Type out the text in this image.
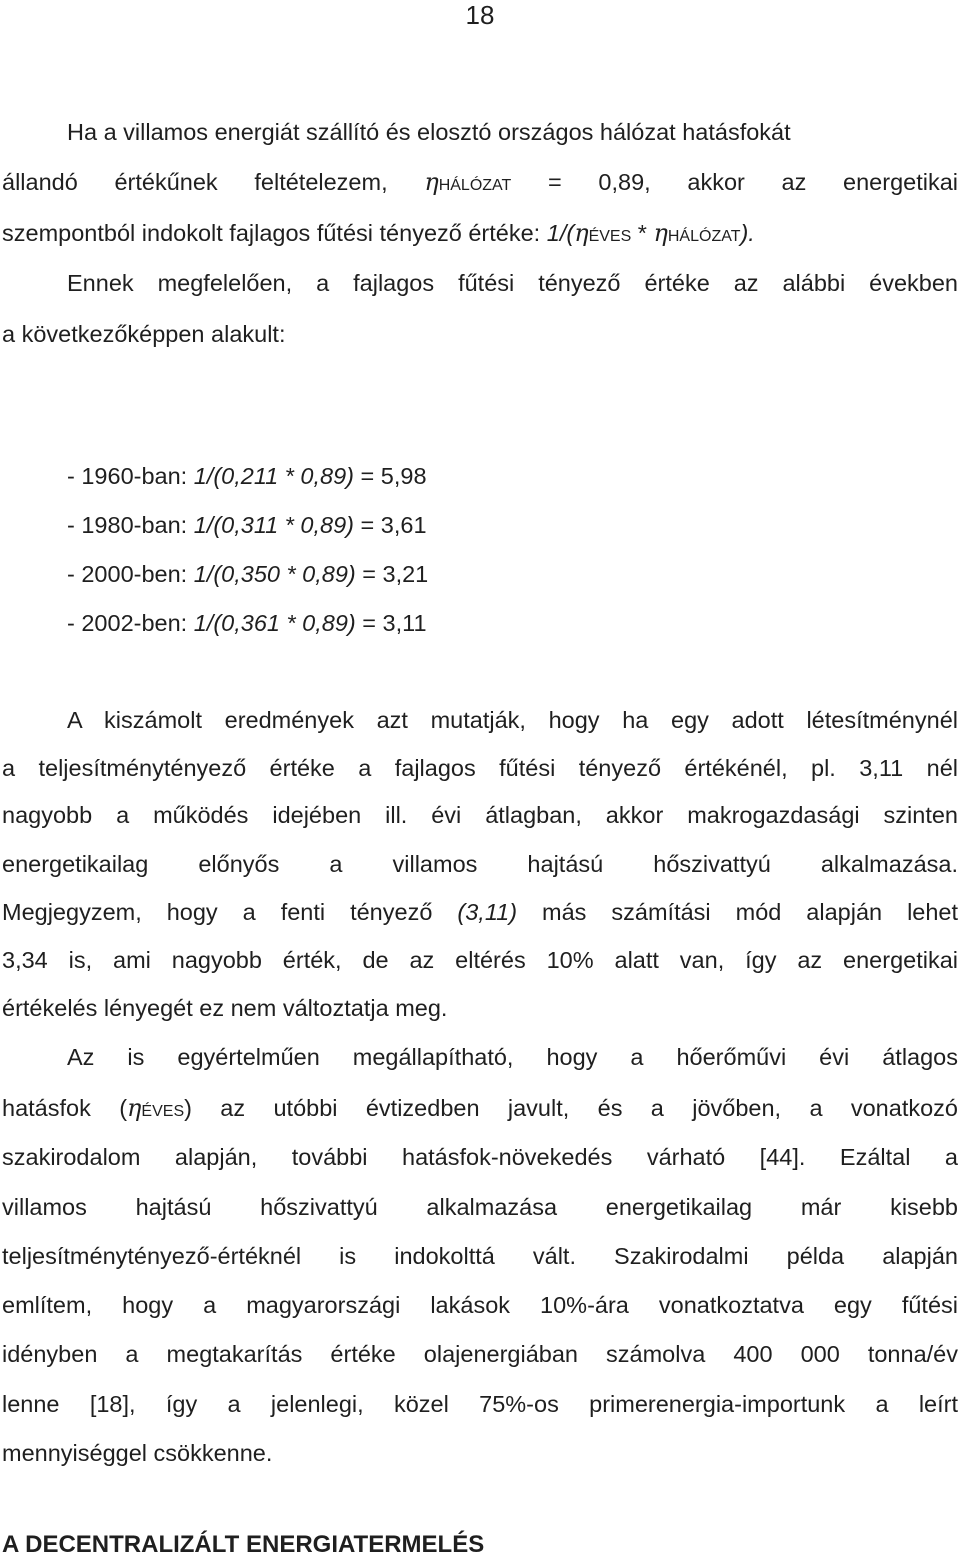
18
Ha a villamos energiát szállító és elosztó országos hálózat hatásfokát
állandó értékűnek feltételezem, ηHÁLÓZAT = 0,89, akkor az energetikai
szempontból indokolt fajlagos fűtési tényező értéke: 1/(ηÉVES * ηHÁLÓZAT).
Ennek megfelelően, a fajlagos fűtési tényező értéke az alábbi években
a következőképpen alakult:
- 1960-ban: 1/(0,211 * 0,89) = 5,98
- 1980-ban: 1/(0,311 * 0,89) = 3,61
- 2000-ben: 1/(0,350 * 0,89) = 3,21
- 2002-ben: 1/(0,361 * 0,89) = 3,11
A kiszámolt eredmények azt mutatják, hogy ha egy adott létesítménynél
a teljesítménytényező értéke a fajlagos fűtési tényező értékénél, pl. 3,11 nél
nagyobb a működés idejében ill. évi átlagban, akkor makrogazdasági szinten
energetikailag előnyős a villamos hajtású hőszivattyú alkalmazása.
Megjegyzem, hogy a fenti tényező (3,11) más számítási mód alapján lehet
3,34 is, ami nagyobb érték, de az eltérés 10% alatt van, így az energetikai
értékelés lényegét ez nem változtatja meg.
Az is egyértelműen megállapítható, hogy a hőerőművi évi átlagos
hatásfok (ηÉVES) az utóbbi évtizedben javult, és a jövőben, a vonatkozó
szakirodalom alapján, további hatásfok-növekedés várható [44]. Ezáltal a
villamos hajtású hőszivattyú alkalmazása energetikailag már kisebb
teljesítménytényező-értéknél is indokolttá vált. Szakirodalmi példa alapján
említem, hogy a magyarországi lakások 10%-ára vonatkoztatva egy fűtési
idényben a megtakarítás értéke olajenergiában számolva 400 000 tonna/év
lenne [18], így a jelenlegi, közel 75%-os primerenergia-importunk a leírt
mennyiséggel csökkenne.
A DECENTRALIZÁLT ENERGIATERMELÉS
